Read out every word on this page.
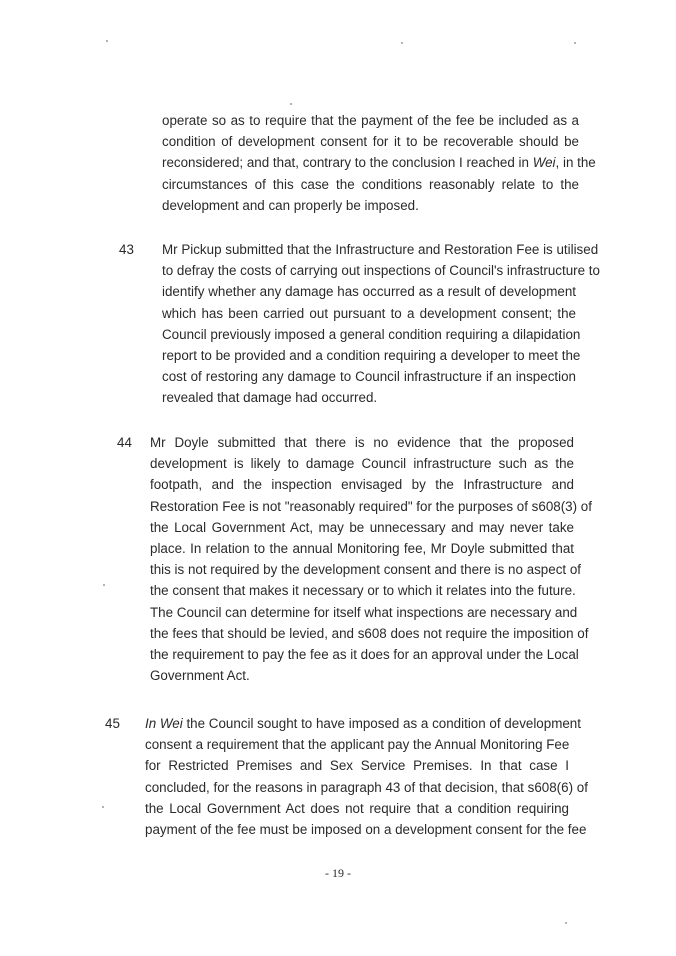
operate so as to require that the payment of the fee be included as a
condition of development consent for it to be recoverable should be
reconsidered; and that, contrary to the conclusion I reached in Wei, in the
circumstances of this case the conditions reasonably relate to the
development and can properly be imposed.
43 Mr Pickup submitted that the Infrastructure and Restoration Fee is utilised
to defray the costs of carrying out inspections of Council's infrastructure to
identify whether any damage has occurred as a result of development
which has been carried out pursuant to a development consent; the
Council previously imposed a general condition requiring a dilapidation
report to be provided and a condition requiring a developer to meet the
cost of restoring any damage to Council infrastructure if an inspection
revealed that damage had occurred.
44 Mr Doyle submitted that there is no evidence that the proposed
development is likely to damage Council infrastructure such as the
footpath, and the inspection envisaged by the Infrastructure and
Restoration Fee is not "reasonably required" for the purposes of s608(3) of
the Local Government Act, may be unnecessary and may never take
place. In relation to the annual Monitoring fee, Mr Doyle submitted that
this is not required by the development consent and there is no aspect of
the consent that makes it necessary or to which it relates into the future.
The Council can determine for itself what inspections are necessary and
the fees that should be levied, and s608 does not require the imposition of
the requirement to pay the fee as it does for an approval under the Local
Government Act.
45 In Wei the Council sought to have imposed as a condition of development
consent a requirement that the applicant pay the Annual Monitoring Fee
for Restricted Premises and Sex Service Premises. In that case I
concluded, for the reasons in paragraph 43 of that decision, that s608(6) of
the Local Government Act does not require that a condition requiring
payment of the fee must be imposed on a development consent for the fee
- 19 -
